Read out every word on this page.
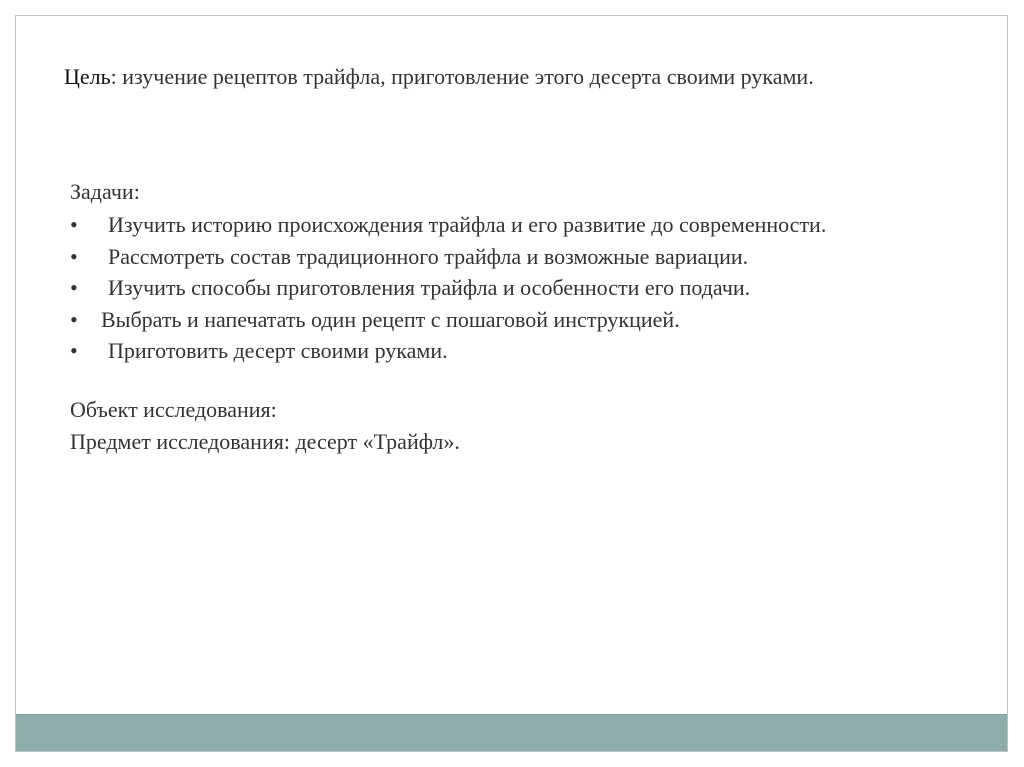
Цель: изучение рецептов трайфла, приготовление этого десерта своими руками.
Задачи:
• Изучить историю происхождения трайфла и его развитие до современности.
• Рассмотреть состав традиционного трайфла и возможные вариации.
• Изучить способы приготовления трайфла и особенности его подачи.
• Выбрать и напечатать один рецепт с пошаговой инструкцией.
• Приготовить десерт своими руками.
Объект исследования:
Предмет исследования: десерт «Трайфл».
